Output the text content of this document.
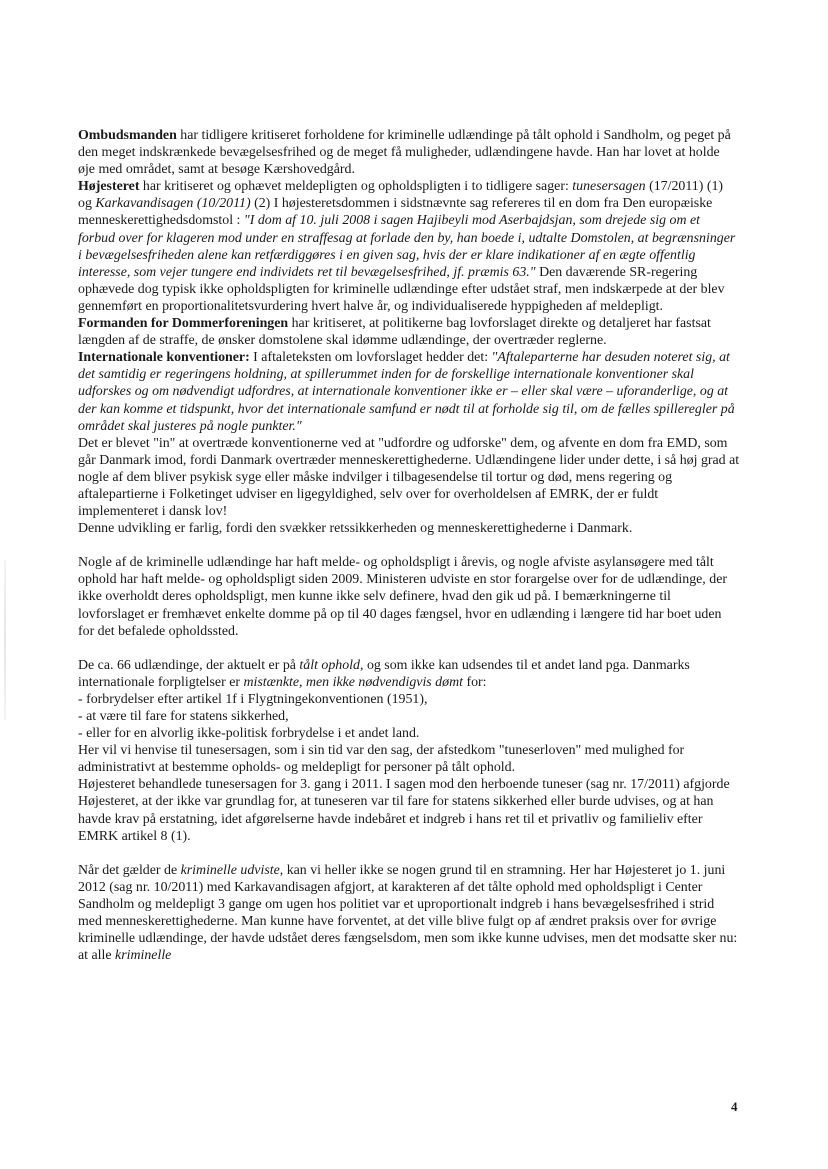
Ombudsmanden har tidligere kritiseret forholdene for kriminelle udlændinge på tålt ophold i Sandholm, og peget på den meget indskrænkede bevægelsesfrihed og de meget få muligheder, udlændingene havde. Han har lovet at holde øje med området, samt at besøge Kærshovedgård.

Højesteret har kritiseret og ophævet meldepligten og opholdspligten i to tidligere sager: tunesersagen (17/2011) (1) og Karkavandisagen (10/2011) (2) I højesteretsdommen i sidstnævnte sag refereres til en dom fra Den europæiske menneskerettighedsdomstol : "I dom af 10. juli 2008 i sagen Hajibeyli mod Aserbajdsjan, som drejede sig om et forbud over for klageren mod under en straffesag at forlade den by, han boede i, udtalte Domstolen, at begrænsninger i bevægelsesfriheden alene kan retfærdiggøres i en given sag, hvis der er klare indikationer af en ægte offentlig interesse, som vejer tungere end individets ret til bevægelsesfrihed, jf. præmis 63." Den daværende SR-regering ophævede dog typisk ikke opholdspligten for kriminelle udlændinge efter udstået straf, men indskærpede at der blev gennemført en proportionalitetsvurdering hvert halve år, og individualiserede hyppigheden af meldepligt.

Formanden for Dommerforeningen har kritiseret, at politikerne bag lovforslaget direkte og detaljeret har fastsat længden af de straffe, de ønsker domstolene skal idømme udlændinge, der overtræder reglerne.

Internationale konventioner: I aftaleteksten om lovforslaget hedder det: "Aftaleparterne har desuden noteret sig, at det samtidig er regeringens holdning, at spillerummet inden for de forskellige internationale konventioner skal udforskes og om nødvendigt udfordres, at internationale konventioner ikke er – eller skal være – uforanderlige, og at der kan komme et tidspunkt, hvor det internationale samfund er nødt til at forholde sig til, om de fælles spilleregler på området skal justeres på nogle punkter."

Det er blevet "in" at overtræde konventionerne ved at "udfordre og udforske" dem, og afvente en dom fra EMD, som går Danmark imod, fordi Danmark overtræder menneskerettighederne. Udlændingene lider under dette, i så høj grad at nogle af dem bliver psykisk syge eller måske indvilger i tilbagesendelse til tortur og død, mens regering og aftalepartierne i Folketinget udviser en ligegyldighed, selv over for overholdelsen af EMRK, der er fuldt implementeret i dansk lov!

Denne udvikling er farlig, fordi den svækker retssikkerheden og menneskerettighederne i Danmark.

Nogle af de kriminelle udlændinge har haft melde- og opholdspligt i årevis, og nogle afviste asylansøgere med tålt ophold har haft melde- og opholdspligt siden 2009. Ministeren udviste en stor forargelse over for de udlændinge, der ikke overholdt deres opholdspligt, men kunne ikke selv definere, hvad den gik ud på. I bemærkningerne til lovforslaget er fremhævet enkelte domme på op til 40 dages fængsel, hvor en udlænding i længere tid har boet uden for det befalede opholdssted.

De ca. 66 udlændinge, der aktuelt er på tålt ophold, og som ikke kan udsendes til et andet land pga. Danmarks internationale forpligtelser er mistænkte, men ikke nødvendigvis dømt for:

- forbrydelser efter artikel 1f i Flygtningekonventionen (1951),

- at være til fare for statens sikkerhed,

- eller for en alvorlig ikke-politisk forbrydelse i et andet land.

Her vil vi henvise til tunesersagen, som i sin tid var den sag, der afstedkom "tuneserloven" med mulighed for administrativt at bestemme opholds- og meldepligt for personer på tålt ophold.

Højesteret behandlede tunesersagen for 3. gang i 2011. I sagen mod den herboende tuneser (sag nr. 17/2011) afgjorde Højesteret, at der ikke var grundlag for, at tuneseren var til fare for statens sikkerhed eller burde udvises, og at han havde krav på erstatning, idet afgørelserne havde indebåret et indgreb i hans ret til et privatliv og familieliv efter EMRK artikel 8 (1).

Når det gælder de kriminelle udviste, kan vi heller ikke se nogen grund til en stramning. Her har Højesteret jo 1. juni 2012 (sag nr. 10/2011) med Karkavandisagen afgjort, at karakteren af det tålte ophold med opholdspligt i Center Sandholm og meldepligt 3 gange om ugen hos politiet var et uproportionalt indgreb i hans bevægelsesfrihed i strid med menneskerettighederne. Man kunne have forventet, at det ville blive fulgt op af ændret praksis over for øvrige kriminelle udlændinge, der havde udstået deres fængselsdom, men som ikke kunne udvises, men det modsatte sker nu: at alle kriminelle

4
